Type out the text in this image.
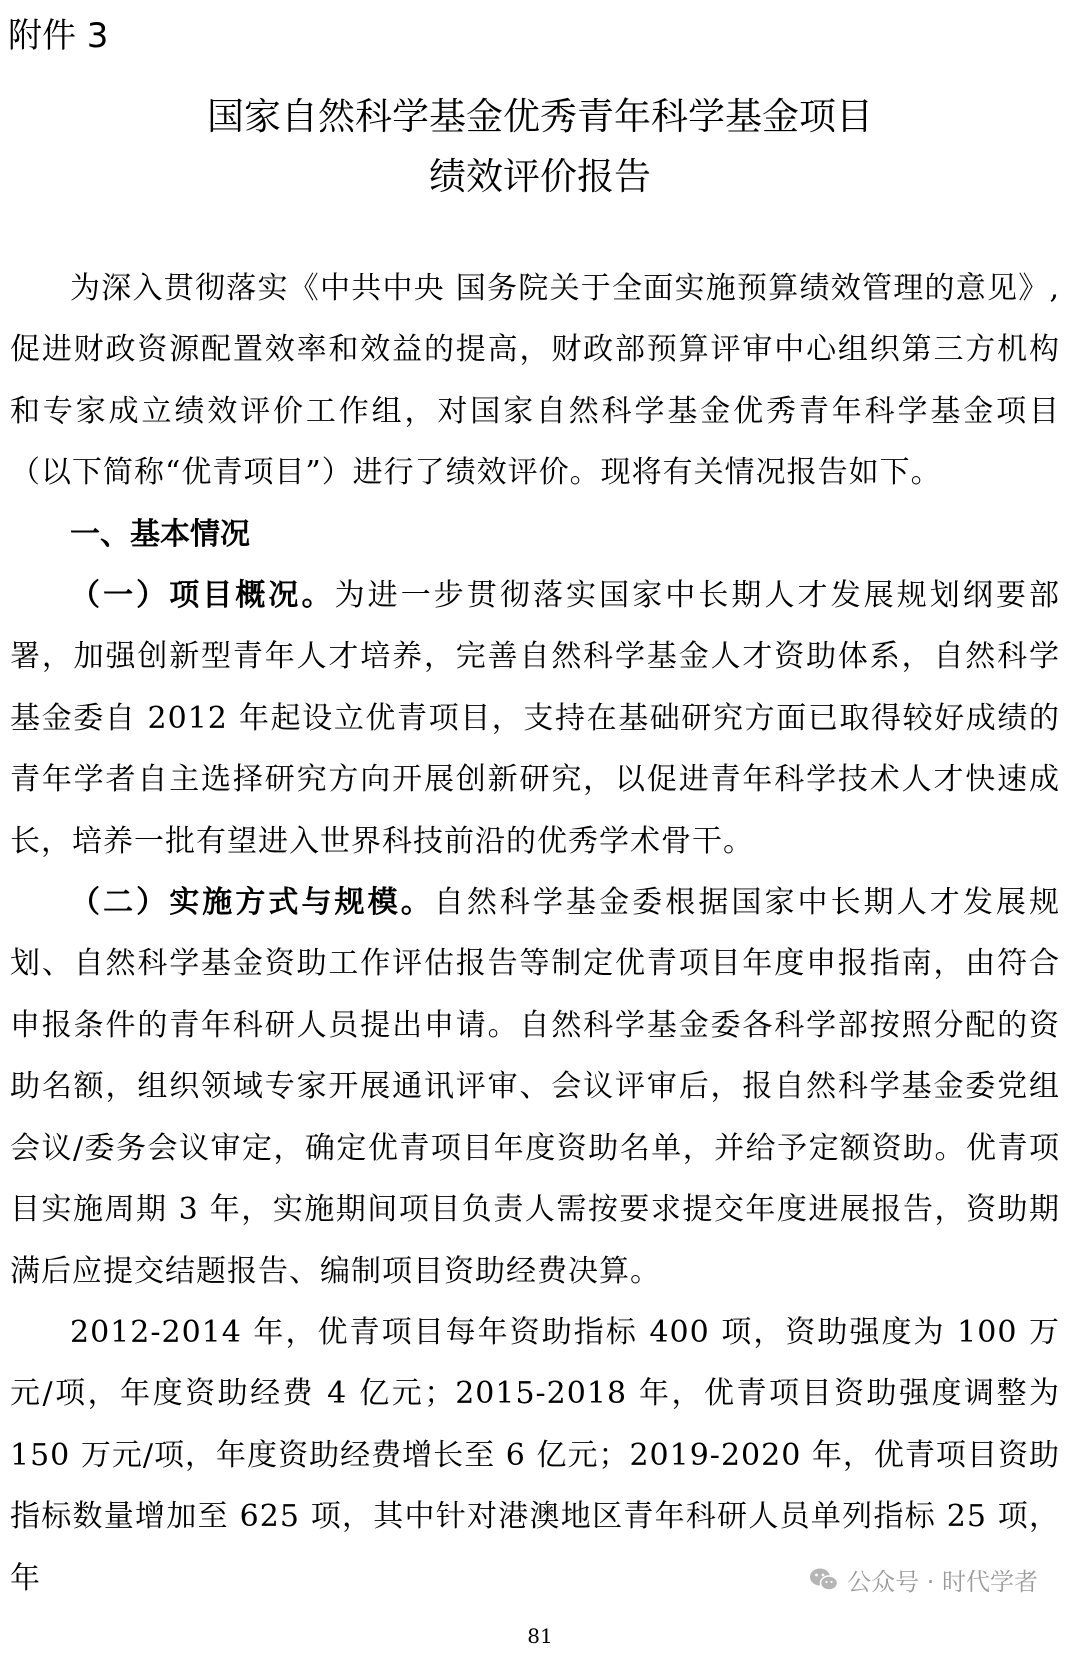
附件 3
国家自然科学基金优秀青年科学基金项目
绩效评价报告

为深入贯彻落实《中共中央 国务院关于全面实施预算绩效管理的意见》,促进财政资源配置效率和效益的提高，财政部预算评审中心组织第三方机构和专家成立绩效评价工作组，对国家自然科学基金优秀青年科学基金项目（以下简称“优青项目”）进行了绩效评价。现将有关情况报告如下。

一、基本情况

（一）项目概况。为进一步贯彻落实国家中长期人才发展规划纲要部署，加强创新型青年人才培养，完善自然科学基金人才资助体系，自然科学基金委自 2012 年起设立优青项目，支持在基础研究方面已取得较好成绩的青年学者自主选择研究方向开展创新研究，以促进青年科学技术人才快速成长，培养一批有望进入世界科技前沿的优秀学术骨干。

（二）实施方式与规模。自然科学基金委根据国家中长期人才发展规划、自然科学基金资助工作评估报告等制定优青项目年度申报指南，由符合申报条件的青年科研人员提出申请。自然科学基金委各科学部按照分配的资助名额，组织领域专家开展通讯评审、会议评审后，报自然科学基金委党组会议/委务会议审定，确定优青项目年度资助名单，并给予定额资助。优青项目实施周期 3 年，实施期间项目负责人需按要求提交年度进展报告，资助期满后应提交结题报告、编制项目资助经费决算。

2012-2014 年，优青项目每年资助指标 400 项，资助强度为 100 万元/项，年度资助经费 4 亿元；2015-2018 年，优青项目资助强度调整为 150 万元/项，年度资助经费增长至 6 亿元；2019-2020 年，优青项目资助指标数量增加至 625 项，其中针对港澳地区青年科研人员单列指标 25 项，年	公众号 · 时代学者
81
